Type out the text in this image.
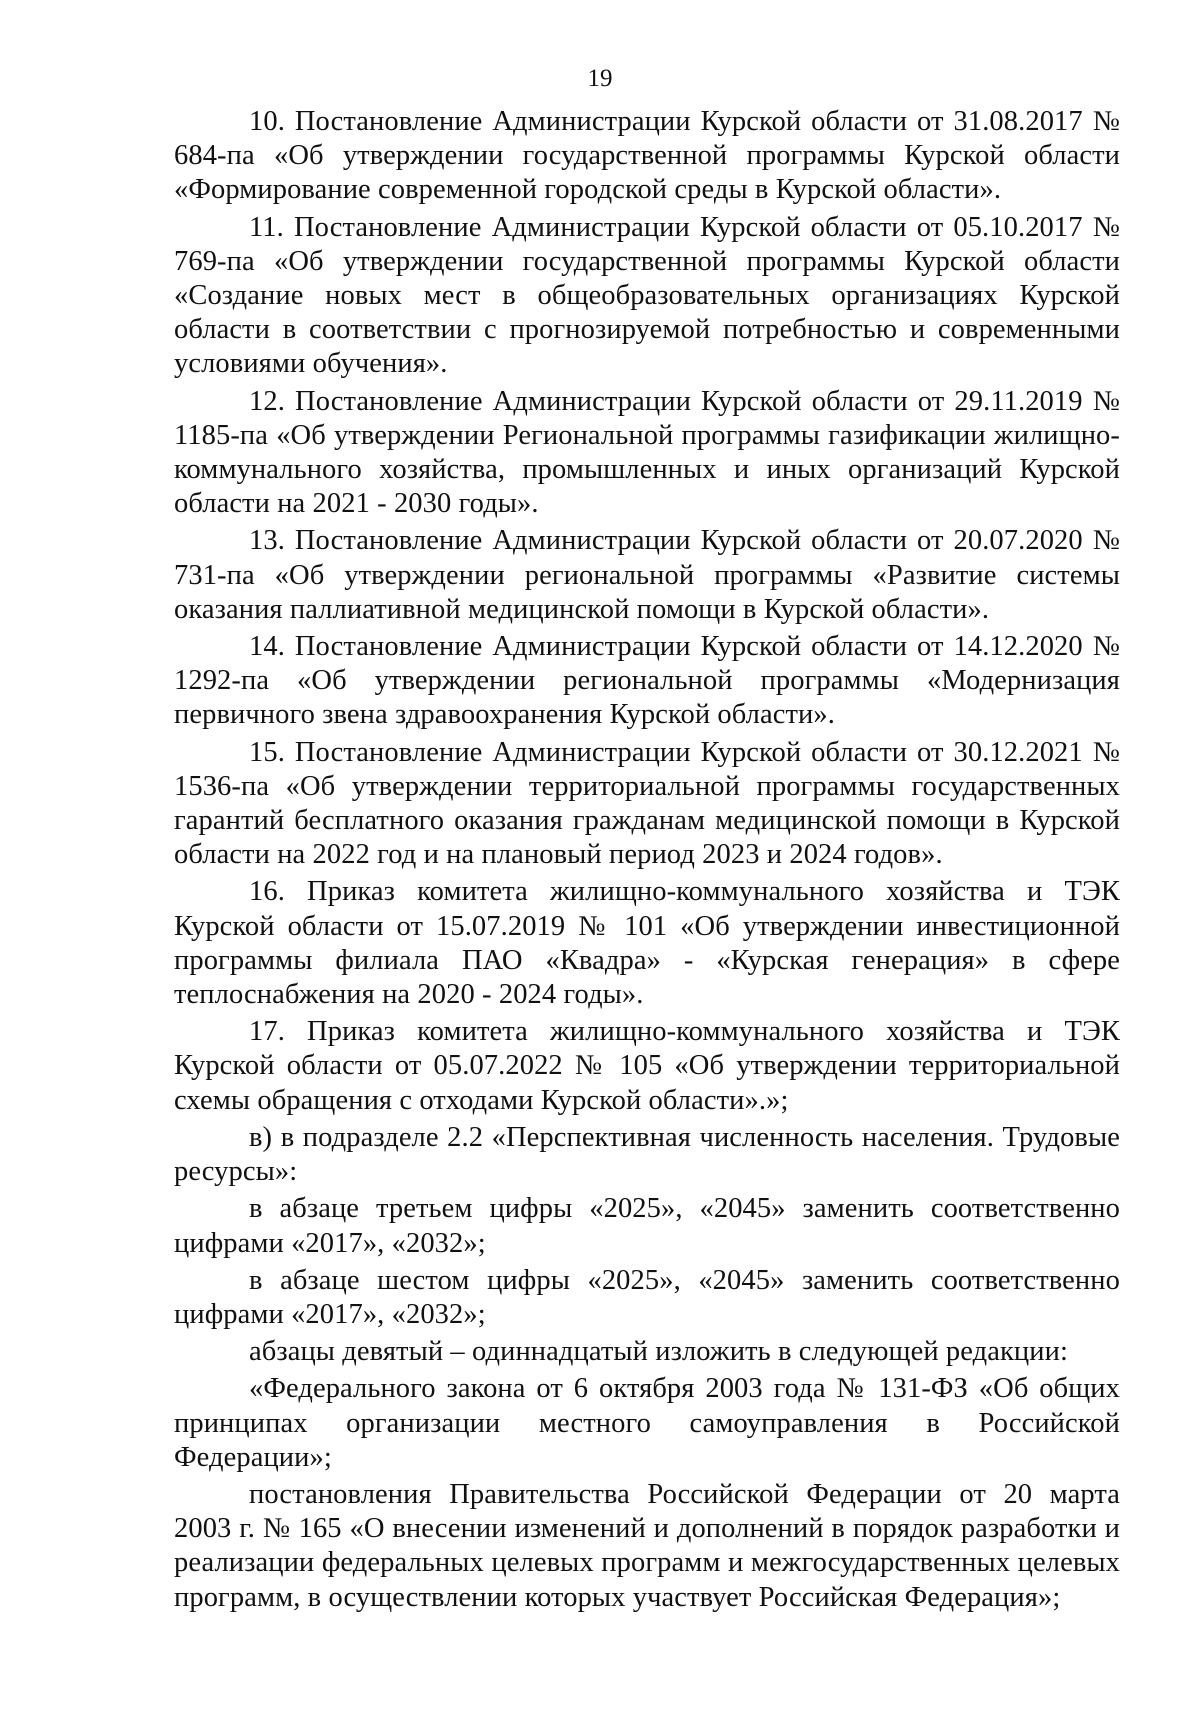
19

10. Постановление Администрации Курской области от 31.08.2017 № 684-па «Об утверждении государственной программы Курской области «Формирование современной городской среды в Курской области».

11. Постановление Администрации Курской области от 05.10.2017 № 769-па «Об утверждении государственной программы Курской области «Создание новых мест в общеобразовательных организациях Курской области в соответствии с прогнозируемой потребностью и современными условиями обучения».

12. Постановление Администрации Курской области от 29.11.2019 № 1185-па «Об утверждении Региональной программы газификации жилищно-коммунального хозяйства, промышленных и иных организаций Курской области на 2021 - 2030 годы».

13. Постановление Администрации Курской области от 20.07.2020 № 731-па «Об утверждении региональной программы «Развитие системы оказания паллиативной медицинской помощи в Курской области».

14. Постановление Администрации Курской области от 14.12.2020 № 1292-па «Об утверждении региональной программы «Модернизация первичного звена здравоохранения Курской области».

15. Постановление Администрации Курской области от 30.12.2021 № 1536-па «Об утверждении территориальной программы государственных гарантий бесплатного оказания гражданам медицинской помощи в Курской области на 2022 год и на плановый период 2023 и 2024 годов».

16. Приказ комитета жилищно-коммунального хозяйства и ТЭК Курской области от 15.07.2019 № 101 «Об утверждении инвестиционной программы филиала ПАО «Квадра» - «Курская генерация» в сфере теплоснабжения на 2020 - 2024 годы».

17. Приказ комитета жилищно-коммунального хозяйства и ТЭК Курской области от 05.07.2022 № 105 «Об утверждении территориальной схемы обращения с отходами Курской области».»;

в) в подразделе 2.2 «Перспективная численность населения. Трудовые ресурсы»:

в абзаце третьем цифры «2025», «2045» заменить соответственно цифрами «2017», «2032»;

в абзаце шестом цифры «2025», «2045» заменить соответственно цифрами «2017», «2032»;

абзацы девятый – одиннадцатый изложить в следующей редакции:

«Федерального закона от 6 октября 2003 года № 131-ФЗ «Об общих принципах организации местного самоуправления в Российской Федерации»;

постановления Правительства Российской Федерации от 20 марта 2003 г. № 165 «О внесении изменений и дополнений в порядок разработки и реализации федеральных целевых программ и межгосударственных целевых программ, в осуществлении которых участвует Российская Федерация»;
